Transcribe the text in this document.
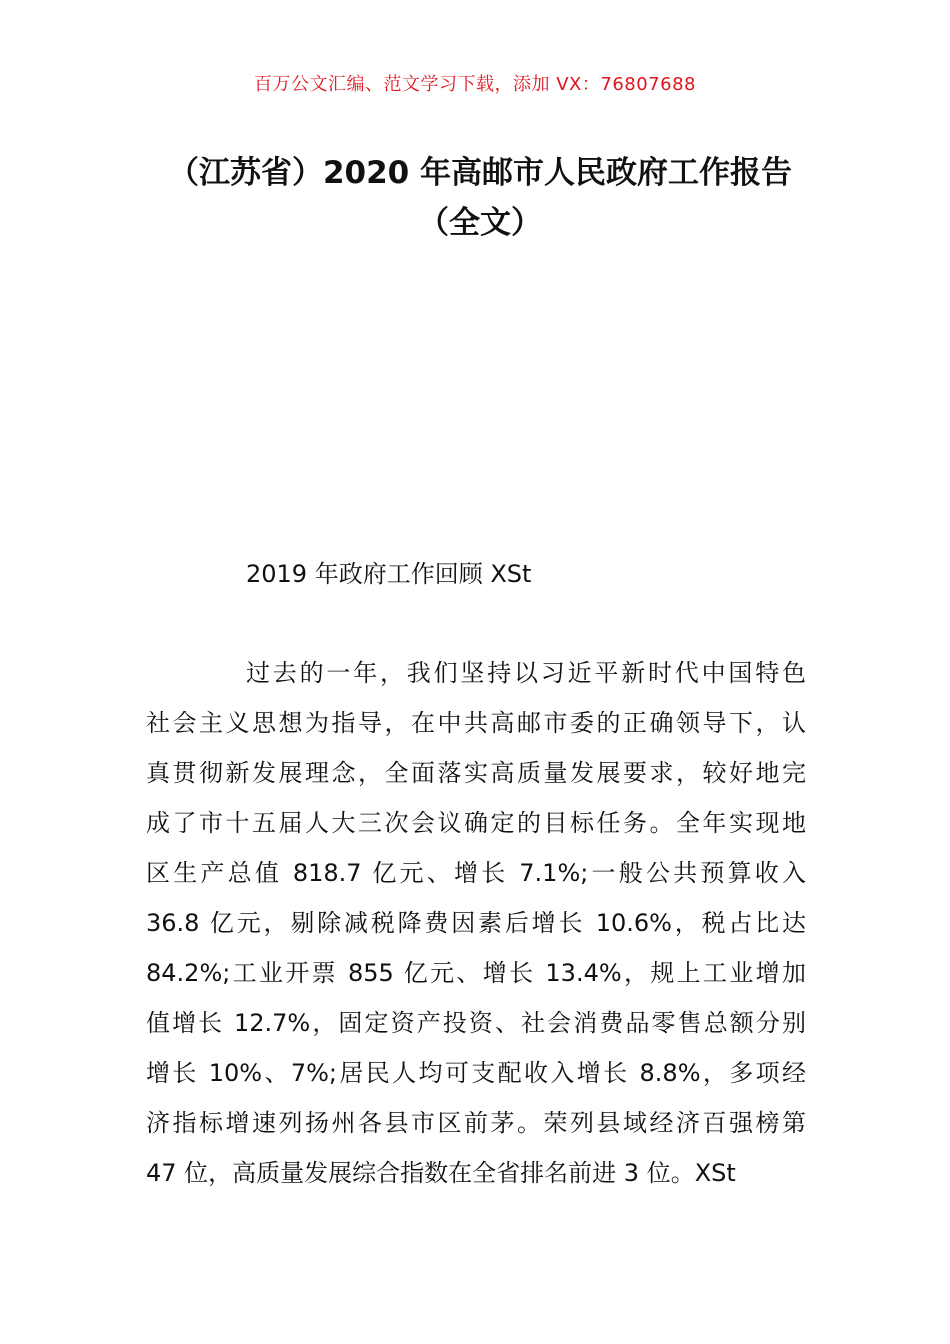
百万公文汇编、范文学习下载，添加 VX：76807688
（江苏省）2020 年高邮市人民政府工作报告（全文）
2019 年政府工作回顾 XSt
过去的一年，我们坚持以习近平新时代中国特色
社会主义思想为指导，在中共高邮市委的正确领导下，认
真贯彻新发展理念，全面落实高质量发展要求，较好地完
成了市十五届人大三次会议确定的目标任务。全年实现地
区生产总值 818.7 亿元、增长 7.1%;一般公共预算收入
36.8 亿元，剔除减税降费因素后增长 10.6%，税占比达
84.2%;工业开票 855 亿元、增长 13.4%，规上工业增加
值增长 12.7%，固定资产投资、社会消费品零售总额分别
增长 10%、7%;居民人均可支配收入增长 8.8%，多项经
济指标增速列扬州各县市区前茅。荣列县域经济百强榜第
47 位，高质量发展综合指数在全省排名前进 3 位。XSt
